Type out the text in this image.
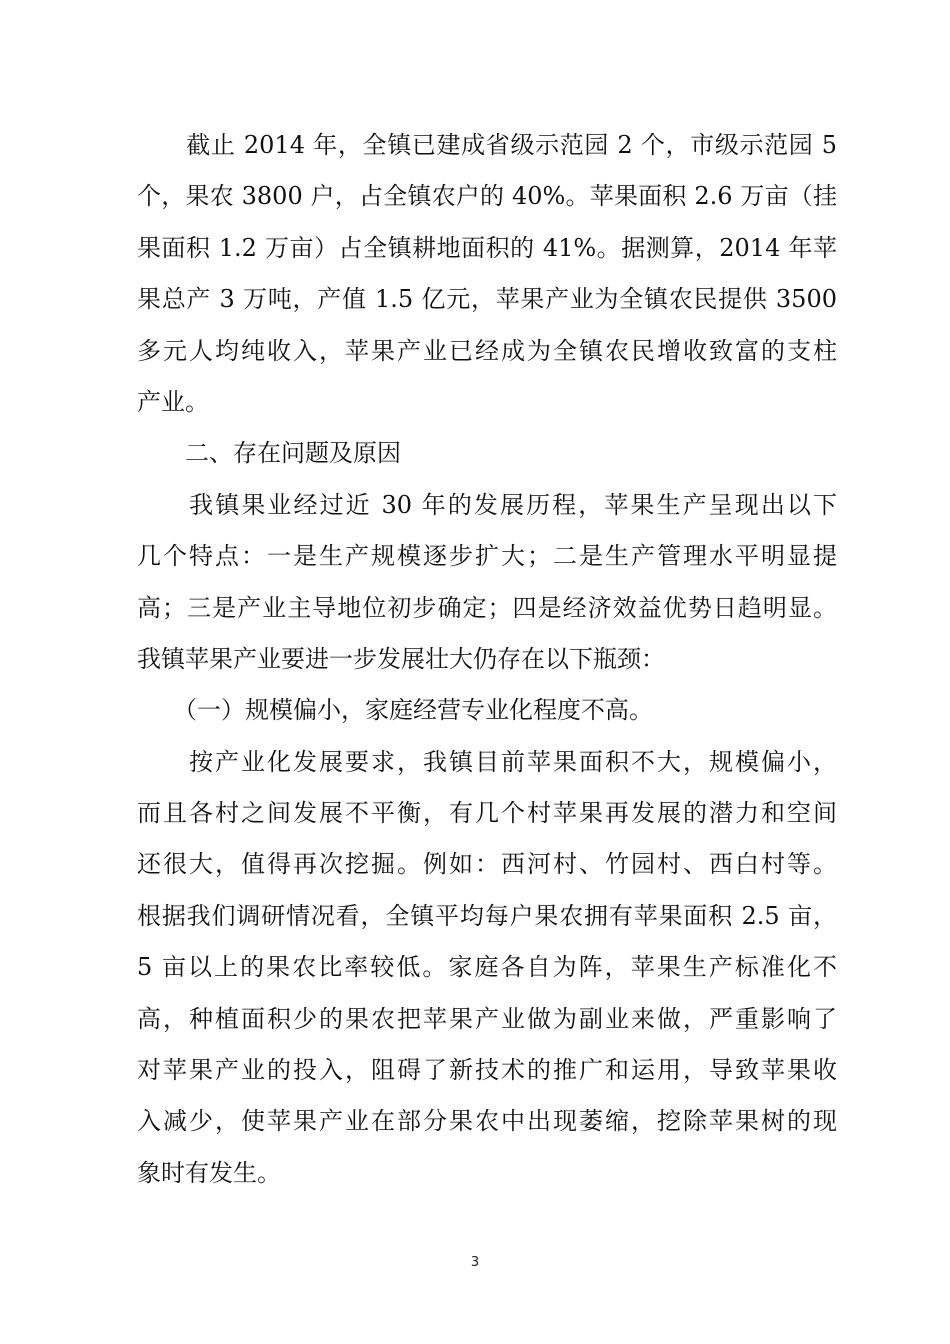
　　截止 2014 年，全镇已建成省级示范园 2 个，市级示范园 5
个，果农 3800 户，占全镇农户的 40%。苹果面积 2.6 万亩（挂
果面积 1.2 万亩）占全镇耕地面积的 41%。据测算，2014 年苹
果总产 3 万吨，产值 1.5 亿元，苹果产业为全镇农民提供 3500
多元人均纯收入，苹果产业已经成为全镇农民增收致富的支柱
产业。
　　二、存在问题及原因
　　我镇果业经过近 30 年的发展历程，苹果生产呈现出以下
几个特点：一是生产规模逐步扩大；二是生产管理水平明显提
高；三是产业主导地位初步确定；四是经济效益优势日趋明显。
我镇苹果产业要进一步发展壮大仍存在以下瓶颈：
　　（一）规模偏小，家庭经营专业化程度不高。
　　按产业化发展要求，我镇目前苹果面积不大，规模偏小，
而且各村之间发展不平衡，有几个村苹果再发展的潜力和空间
还很大，值得再次挖掘。例如：西河村、竹园村、西白村等。
根据我们调研情况看，全镇平均每户果农拥有苹果面积 2.5 亩，
5 亩以上的果农比率较低。家庭各自为阵，苹果生产标准化不
高，种植面积少的果农把苹果产业做为副业来做，严重影响了
对苹果产业的投入，阻碍了新技术的推广和运用，导致苹果收
入减少，使苹果产业在部分果农中出现萎缩，挖除苹果树的现
象时有发生。
3
